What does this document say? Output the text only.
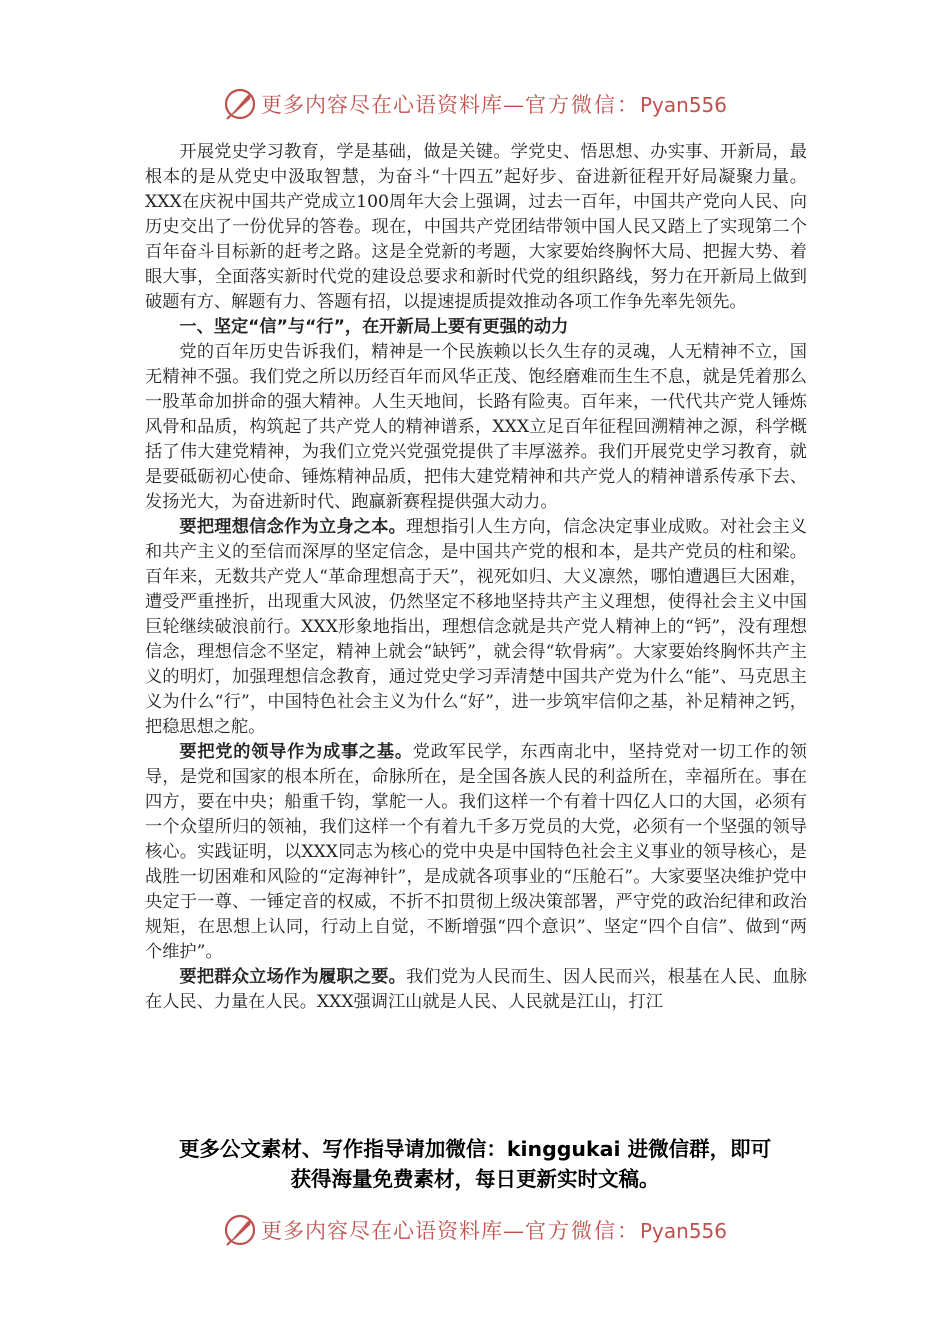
更多内容尽在心语资料库—官方微信：Pyan556

开展党史学习教育，学是基础，做是关键。学党史、悟思想、办实事、开新局，最根本的是从党史中汲取智慧，为奋斗“十四五”起好步、奋进新征程开好局凝聚力量。XXX在庆祝中国共产党成立100周年大会上强调，过去一百年，中国共产党向人民、向历史交出了一份优异的答卷。现在，中国共产党团结带领中国人民又踏上了实现第二个百年奋斗目标新的赶考之路。这是全党新的考题，大家要始终胸怀大局、把握大势、着眼大事，全面落实新时代党的建设总要求和新时代党的组织路线，努力在开新局上做到破题有方、解题有力、答题有招，以提速提质提效推动各项工作争先率先领先。

一、坚定“信”与“行”，在开新局上要有更强的动力

党的百年历史告诉我们，精神是一个民族赖以长久生存的灵魂，人无精神不立，国无精神不强。我们党之所以历经百年而风华正茂、饱经磨难而生生不息，就是凭着那么一股革命加拼命的强大精神。人生天地间，长路有险夷。百年来，一代代共产党人锤炼风骨和品质，构筑起了共产党人的精神谱系，XXX立足百年征程回溯精神之源，科学概括了伟大建党精神，为我们立党兴党强党提供了丰厚滋养。我们开展党史学习教育，就是要砥砺初心使命、锤炼精神品质，把伟大建党精神和共产党人的精神谱系传承下去、发扬光大，为奋进新时代、跑赢新赛程提供强大动力。

要把理想信念作为立身之本。理想指引人生方向，信念决定事业成败。对社会主义和共产主义的至信而深厚的坚定信念，是中国共产党的根和本，是共产党员的柱和梁。百年来，无数共产党人“革命理想高于天”，视死如归、大义凛然，哪怕遭遇巨大困难，遭受严重挫折，出现重大风波，仍然坚定不移地坚持共产主义理想，使得社会主义中国巨轮继续破浪前行。XXX形象地指出，理想信念就是共产党人精神上的“钙”，没有理想信念，理想信念不坚定，精神上就会“缺钙”，就会得“软骨病”。大家要始终胸怀共产主义的明灯，加强理想信念教育，通过党史学习弄清楚中国共产党为什么“能”、马克思主义为什么“行”，中国特色社会主义为什么“好”，进一步筑牢信仰之基，补足精神之钙，把稳思想之舵。

要把党的领导作为成事之基。党政军民学，东西南北中，坚持党对一切工作的领导，是党和国家的根本所在，命脉所在，是全国各族人民的利益所在，幸福所在。事在四方，要在中央；船重千钧，掌舵一人。我们这样一个有着十四亿人口的大国，必须有一个众望所归的领袖，我们这样一个有着九千多万党员的大党，必须有一个坚强的领导核心。实践证明，以XXX同志为核心的党中央是中国特色社会主义事业的领导核心，是战胜一切困难和风险的“定海神针”，是成就各项事业的“压舱石”。大家要坚决维护党中央定于一尊、一锤定音的权威，不折不扣贯彻上级决策部署，严守党的政治纪律和政治规矩，在思想上认同，行动上自觉，不断增强“四个意识”、坚定“四个自信”、做到“两个维护”。

要把群众立场作为履职之要。我们党为人民而生、因人民而兴，根基在人民、血脉在人民、力量在人民。XXX强调江山就是人民、人民就是江山，打江

更多公文素材、写作指导请加微信：kinggukai 进微信群，即可
获得海量免费素材，每日更新实时文稿。
更多内容尽在心语资料库—官方微信：Pyan556
